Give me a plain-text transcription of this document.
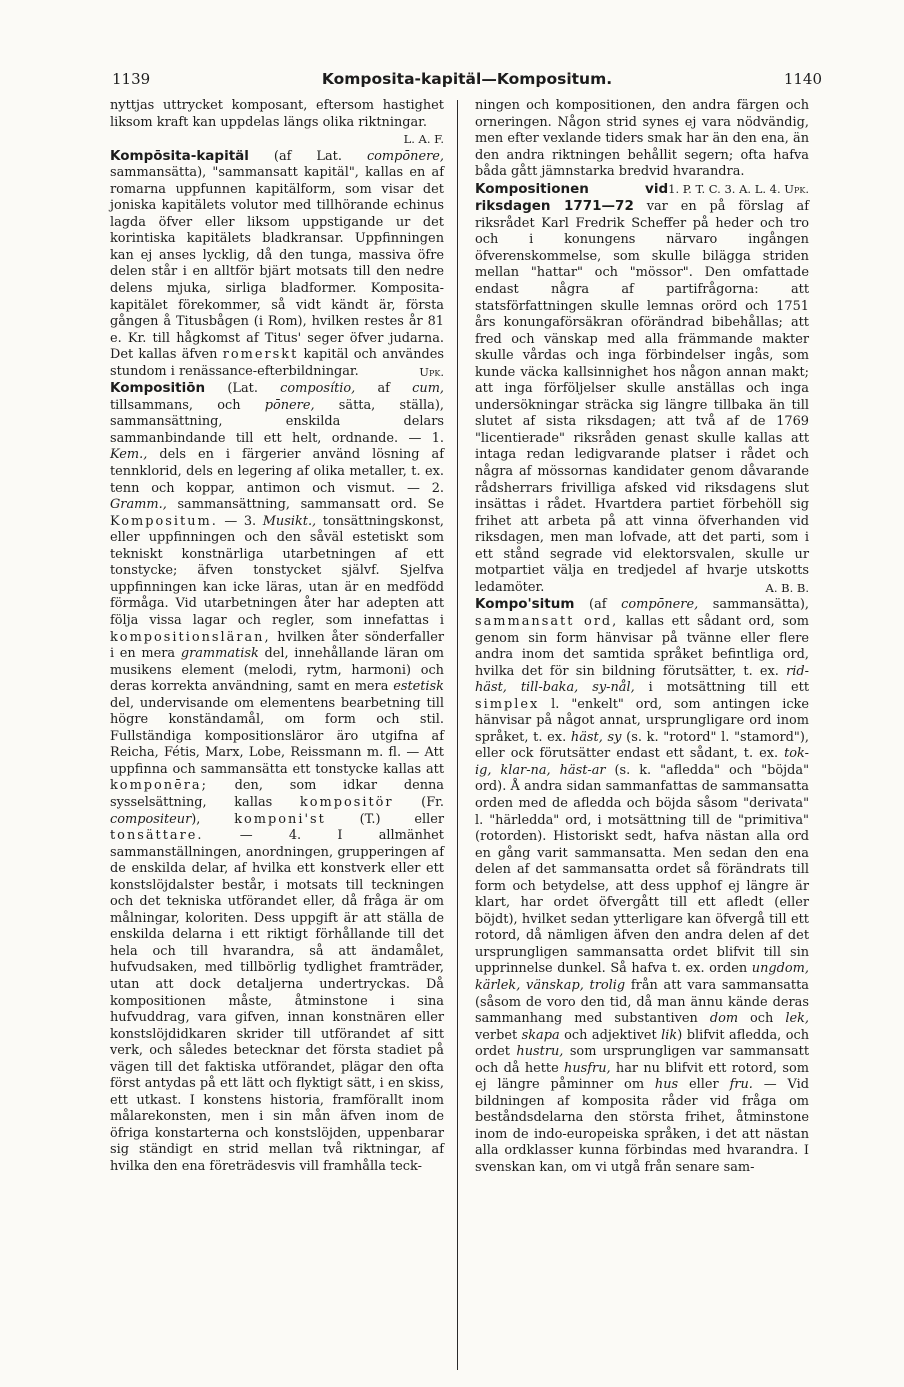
1139	Komposita-kapitäl—Kompositum.	1140

nyttjas uttrycket komposant, eftersom hastighet liksom kraft kan uppdelas längs olika riktningar.
L. A. F.

Kompōsita-kapitäl (af Lat. compōnere, sammansätta), "sammansatt kapitäl", kallas en af romarna uppfunnen kapitälform, som visar det joniska kapitälets volutor med tillhörande echinus lagda öfver eller liksom uppstigande ur det korintiska kapitälets bladkransar. Uppfinningen kan ej anses lycklig, då den tunga, massiva öfre delen står i en alltför bjärt motsats till den nedre delens mjuka, sirliga bladformer. Komposita-kapitälet förekommer, så vidt kändt är, första gången å Titusbågen (i Rom), hvilken restes år 81 e. Kr. till hågkomst af Titus' seger öfver judarna. Det kallas äfven romerskt kapitäl och användes stundom i renässance-efterbildningar.	Upk.

Kompositiōn (Lat. composítio, af cum, tillsammans, och pōnere, sätta, ställa), sammansättning, enskilda delars sammanbindande till ett helt, ordnande. — 1. Kem., dels en i färgerier använd lösning af tennklorid, dels en legering af olika metaller, t. ex. tenn och koppar, antimon och vismut. — 2. Gramm., sammansättning, sammansatt ord. Se Kompositum. — 3. Musikt., tonsättningskonst, eller uppfinningen och den såväl estetiskt som tekniskt konstnärliga utarbetningen af ett tonstycke; äfven tonstycket självf. Sjelfva uppfinningen kan icke läras, utan är en medfödd förmåga. Vid utarbetningen åter har adepten att följa vissa lagar och regler, som innefattas i kompositionsläran, hvilken åter sönderfaller i en mera grammatisk del, innehållande läran om musikens element (melodi, rytm, harmoni) och deras korrekta användning, samt en mera estetisk del, undervisande om elementens bearbetning till högre konständamål, om form och stil. Fullständiga kompositionsläror äro utgifna af Reicha, Fétis, Marx, Lobe, Reissmann m. fl. — Att uppfinna och sammansätta ett tonstycke kallas att komponēra; den, som idkar denna sysselsättning, kallas kompositör (Fr. compositeur), komponi'st (T.) eller tonsättare. — 4. I allmänhet sammanställningen, anordningen, grupperingen af de enskilda delar, af hvilka ett konstverk eller ett konstslöjdalster består, i motsats till teckningen och det tekniska utförandet eller, då fråga är om målningar, koloriten. Dess uppgift är att ställa de enskilda delarna i ett riktigt förhållande till det hela och till hvarandra, så att ändamålet, hufvudsaken, med tillbörlig tydlighet framträder, utan att dock detaljerna undertryckas. Då kompositionen måste, åtminstone i sina hufvuddrag, vara gifven, innan konstnären eller konstslöjdidkaren skrider till utförandet af sitt verk, och således betecknar det första stadiet på vägen till det faktiska utförandet, plägar den ofta först antydas på ett lätt och flyktigt sätt, i en skiss, ett utkast. I konstens historia, framförallt inom målarekonsten, men i sin mån äfven inom de öfriga konstarterna och konstslöjden, uppenbarar sig ständigt en strid mellan två riktningar, af hvilka den ena företrädesvis vill framhålla teck-

ningen och kompositionen, den andra färgen och orneringen. Någon strid synes ej vara nödvändig, men efter vexlande tiders smak har än den ena, än den andra riktningen behållit segern; ofta hafva båda gått jämnstarka bredvid hvarandra.
1. P. T. C. 3. A. L. 4. Upk.

Kompositionen vid riksdagen 1771—72 var en på förslag af riksrådet Karl Fredrik Scheffer på heder och tro och i konungens närvaro ingången öfverenskommelse, som skulle bilägga striden mellan "hattar" och "mössor". Den omfattade endast några af partifrågorna: att statsförfattningen skulle lemnas orörd och 1751 års konungaförsäkran oförändrad bibehållas; att fred och vänskap med alla främmande makter skulle vårdas och inga förbindelser ingås, som kunde väcka kallsinnighet hos någon annan makt; att inga förföljelser skulle anställas och inga undersökningar sträcka sig längre tillbaka än till slutet af sista riksdagen; att två af de 1769 "licentierade" riksråden genast skulle kallas att intaga redan ledigvarande platser i rådet och några af mössornas kandidater genom dåvarande rådsherrars frivilliga afsked vid riksdagens slut insättas i rådet. Hvartdera partiet förbehöll sig frihet att arbeta på att vinna öfverhanden vid riksdagen, men man lofvade, att det parti, som i ett stånd segrade vid elektorsvalen, skulle ur motpartiet välja en tredjedel af hvarje utskotts ledamöter.	A. B. B.

Kompo'situm (af compōnere, sammansätta), sammansatt ord, kallas ett sådant ord, som genom sin form hänvisar på tvänne eller flere andra inom det samtida språket befintliga ord, hvilka det för sin bildning förutsätter, t. ex. rid-häst, till-baka, sy-nål, i motsättning till ett simplex l. "enkelt" ord, som antingen icke hänvisar på något annat, ursprungligare ord inom språket, t. ex. häst, sy (s. k. "rotord" l. "stamord"), eller ock förutsätter endast ett sådant, t. ex. tok-ig, klar-na, häst-ar (s. k. "afledda" och "böjda" ord). Å andra sidan sammanfattas de sammansatta orden med de afledda och böjda såsom "derivata" l. "härledda" ord, i motsättning till de "primitiva" (rotorden). Historiskt sedt, hafva nästan alla ord en gång varit sammansatta. Men sedan den ena delen af det sammansatta ordet så förändrats till form och betydelse, att dess upphof ej längre är klart, har ordet öfvergått till ett afledt (eller böjdt), hvilket sedan ytterligare kan öfvergå till ett rotord, då nämligen äfven den andra delen af det ursprungligen sammansatta ordet blifvit till sin upprinnelse dunkel. Så hafva t. ex. orden ungdom, kärlek, vänskap, trolig från att vara sammansatta (såsom de voro den tid, då man ännu kände deras sammanhang med substantiven dom och lek, verbet skapa och adjektivet lik) blifvit afledda, och ordet hustru, som ursprungligen var sammansatt och då hette husfru, har nu blifvit ett rotord, som ej längre påminner om hus eller fru. — Vid bildningen af komposita råder vid fråga om beståndsdelarna den största frihet, åtminstone inom de indo-europeiska språken, i det att nästan alla ordklasser kunna förbindas med hvarandra. I svenskan kan, om vi utgå från senare sam-
